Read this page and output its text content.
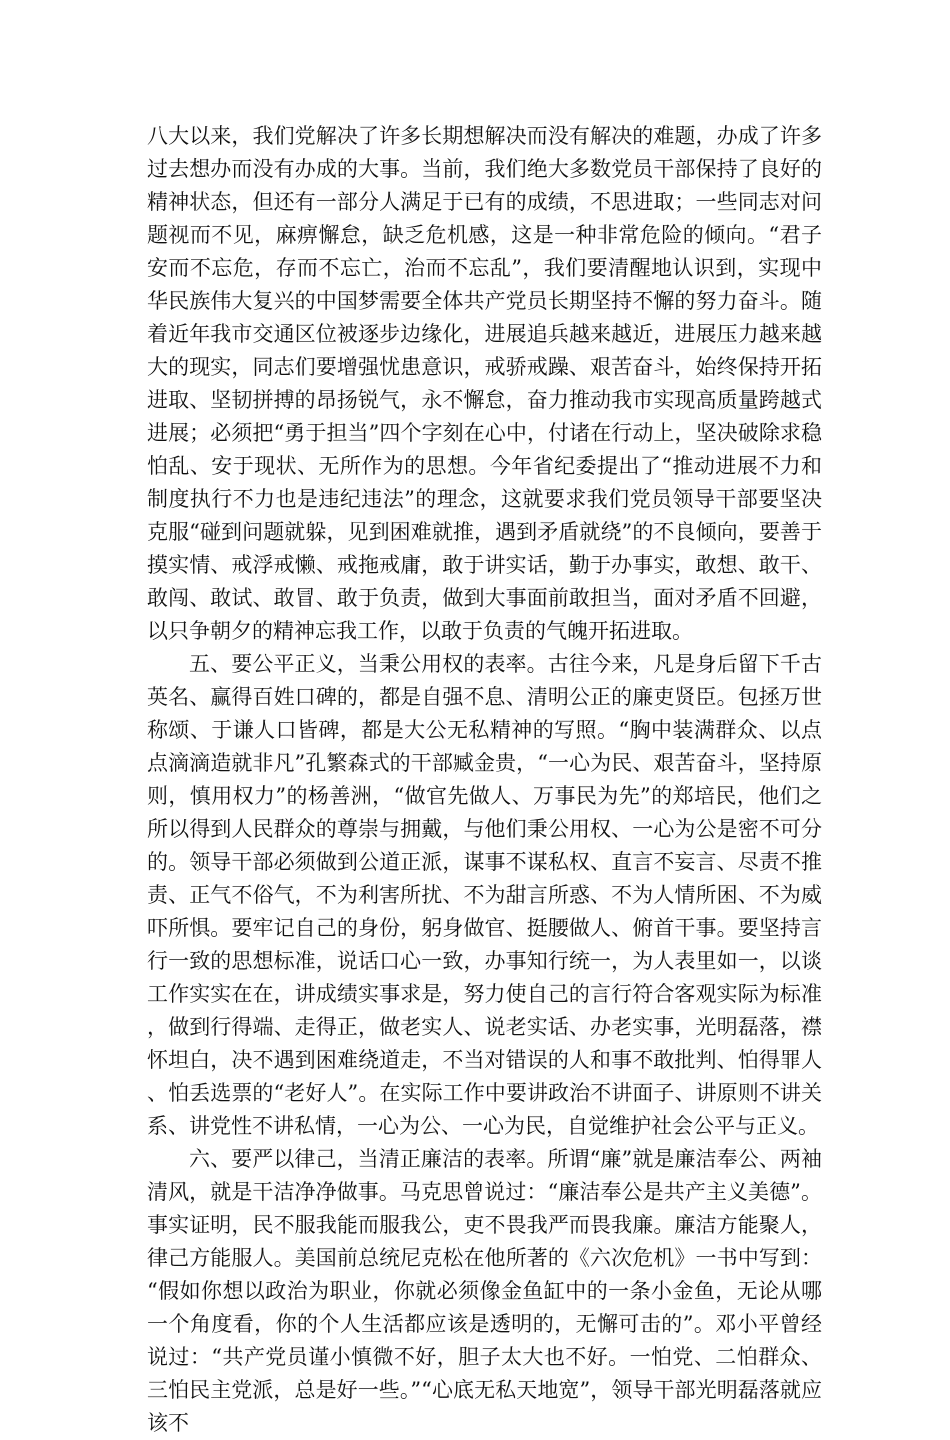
八大以来，我们党解决了许多长期想解决而没有解决的难题，办成了许多过去想办而没有办成的大事。当前，我们绝大多数党员干部保持了良好的精神状态，但还有一部分人满足于已有的成绩，不思进取；一些同志对问题视而不见，麻痹懈怠，缺乏危机感，这是一种非常危险的倾向。“君子安而不忘危，存而不忘亡，治而不忘乱”，我们要清醒地认识到，实现中华民族伟大复兴的中国梦需要全体共产党员长期坚持不懈的努力奋斗。随着近年我市交通区位被逐步边缘化，进展追兵越来越近，进展压力越来越大的现实，同志们要增强忧患意识，戒骄戒躁、艰苦奋斗，始终保持开拓进取、坚韧拼搏的昂扬锐气，永不懈怠，奋力推动我市实现高质量跨越式进展；必须把“勇于担当”四个字刻在心中，付诸在行动上，坚决破除求稳怕乱、安于现状、无所作为的思想。今年省纪委提出了“推动进展不力和制度执行不力也是违纪违法”的理念，这就要求我们党员领导干部要坚决克服“碰到问题就躲，见到困难就推，遇到矛盾就绕”的不良倾向，要善于摸实情、戒浮戒懒、戒拖戒庸，敢于讲实话，勤于办事实，敢想、敢干、敢闯、敢试、敢冒、敢于负责，做到大事面前敢担当，面对矛盾不回避，以只争朝夕的精神忘我工作，以敢于负责的气魄开拓进取。

五、要公平正义，当秉公用权的表率。古往今来，凡是身后留下千古英名、赢得百姓口碑的，都是自强不息、清明公正的廉吏贤臣。包拯万世称颂、于谦人口皆碑，都是大公无私精神的写照。“胸中装满群众、以点点滴滴造就非凡”孔繁森式的干部臧金贵，“一心为民、艰苦奋斗，坚持原则，慎用权力”的杨善洲，“做官先做人、万事民为先”的郑培民，他们之所以得到人民群众的尊崇与拥戴，与他们秉公用权、一心为公是密不可分的。领导干部必须做到公道正派，谋事不谋私权、直言不妄言、尽责不推责、正气不俗气，不为利害所扰、不为甜言所惑、不为人情所困、不为威吓所惧。要牢记自己的身份，躬身做官、挺腰做人、俯首干事。要坚持言行一致的思想标准，说话口心一致，办事知行统一，为人表里如一，以谈工作实实在在，讲成绩实事求是，努力使自己的言行符合客观实际为标准，做到行得端、走得正，做老实人、说老实话、办老实事，光明磊落，襟怀坦白，决不遇到困难绕道走，不当对错误的人和事不敢批判、怕得罪人、怕丢选票的“老好人”。在实际工作中要讲政治不讲面子、讲原则不讲关系、讲党性不讲私情，一心为公、一心为民，自觉维护社会公平与正义。

六、要严以律己，当清正廉洁的表率。所谓“廉”就是廉洁奉公、两袖清风，就是干洁净净做事。马克思曾说过：“廉洁奉公是共产主义美德”。事实证明，民不服我能而服我公，吏不畏我严而畏我廉。廉洁方能聚人，律己方能服人。美国前总统尼克松在他所著的《六次危机》一书中写到：“假如你想以政治为职业，你就必须像金鱼缸中的一条小金鱼，无论从哪一个角度看，你的个人生活都应该是透明的，无懈可击的”。邓小平曾经说过：“共产党员谨小慎微不好，胆子太大也不好。一怕党、二怕群众、三怕民主党派，总是好一些。”“心底无私天地宽”，领导干部光明磊落就应该不
